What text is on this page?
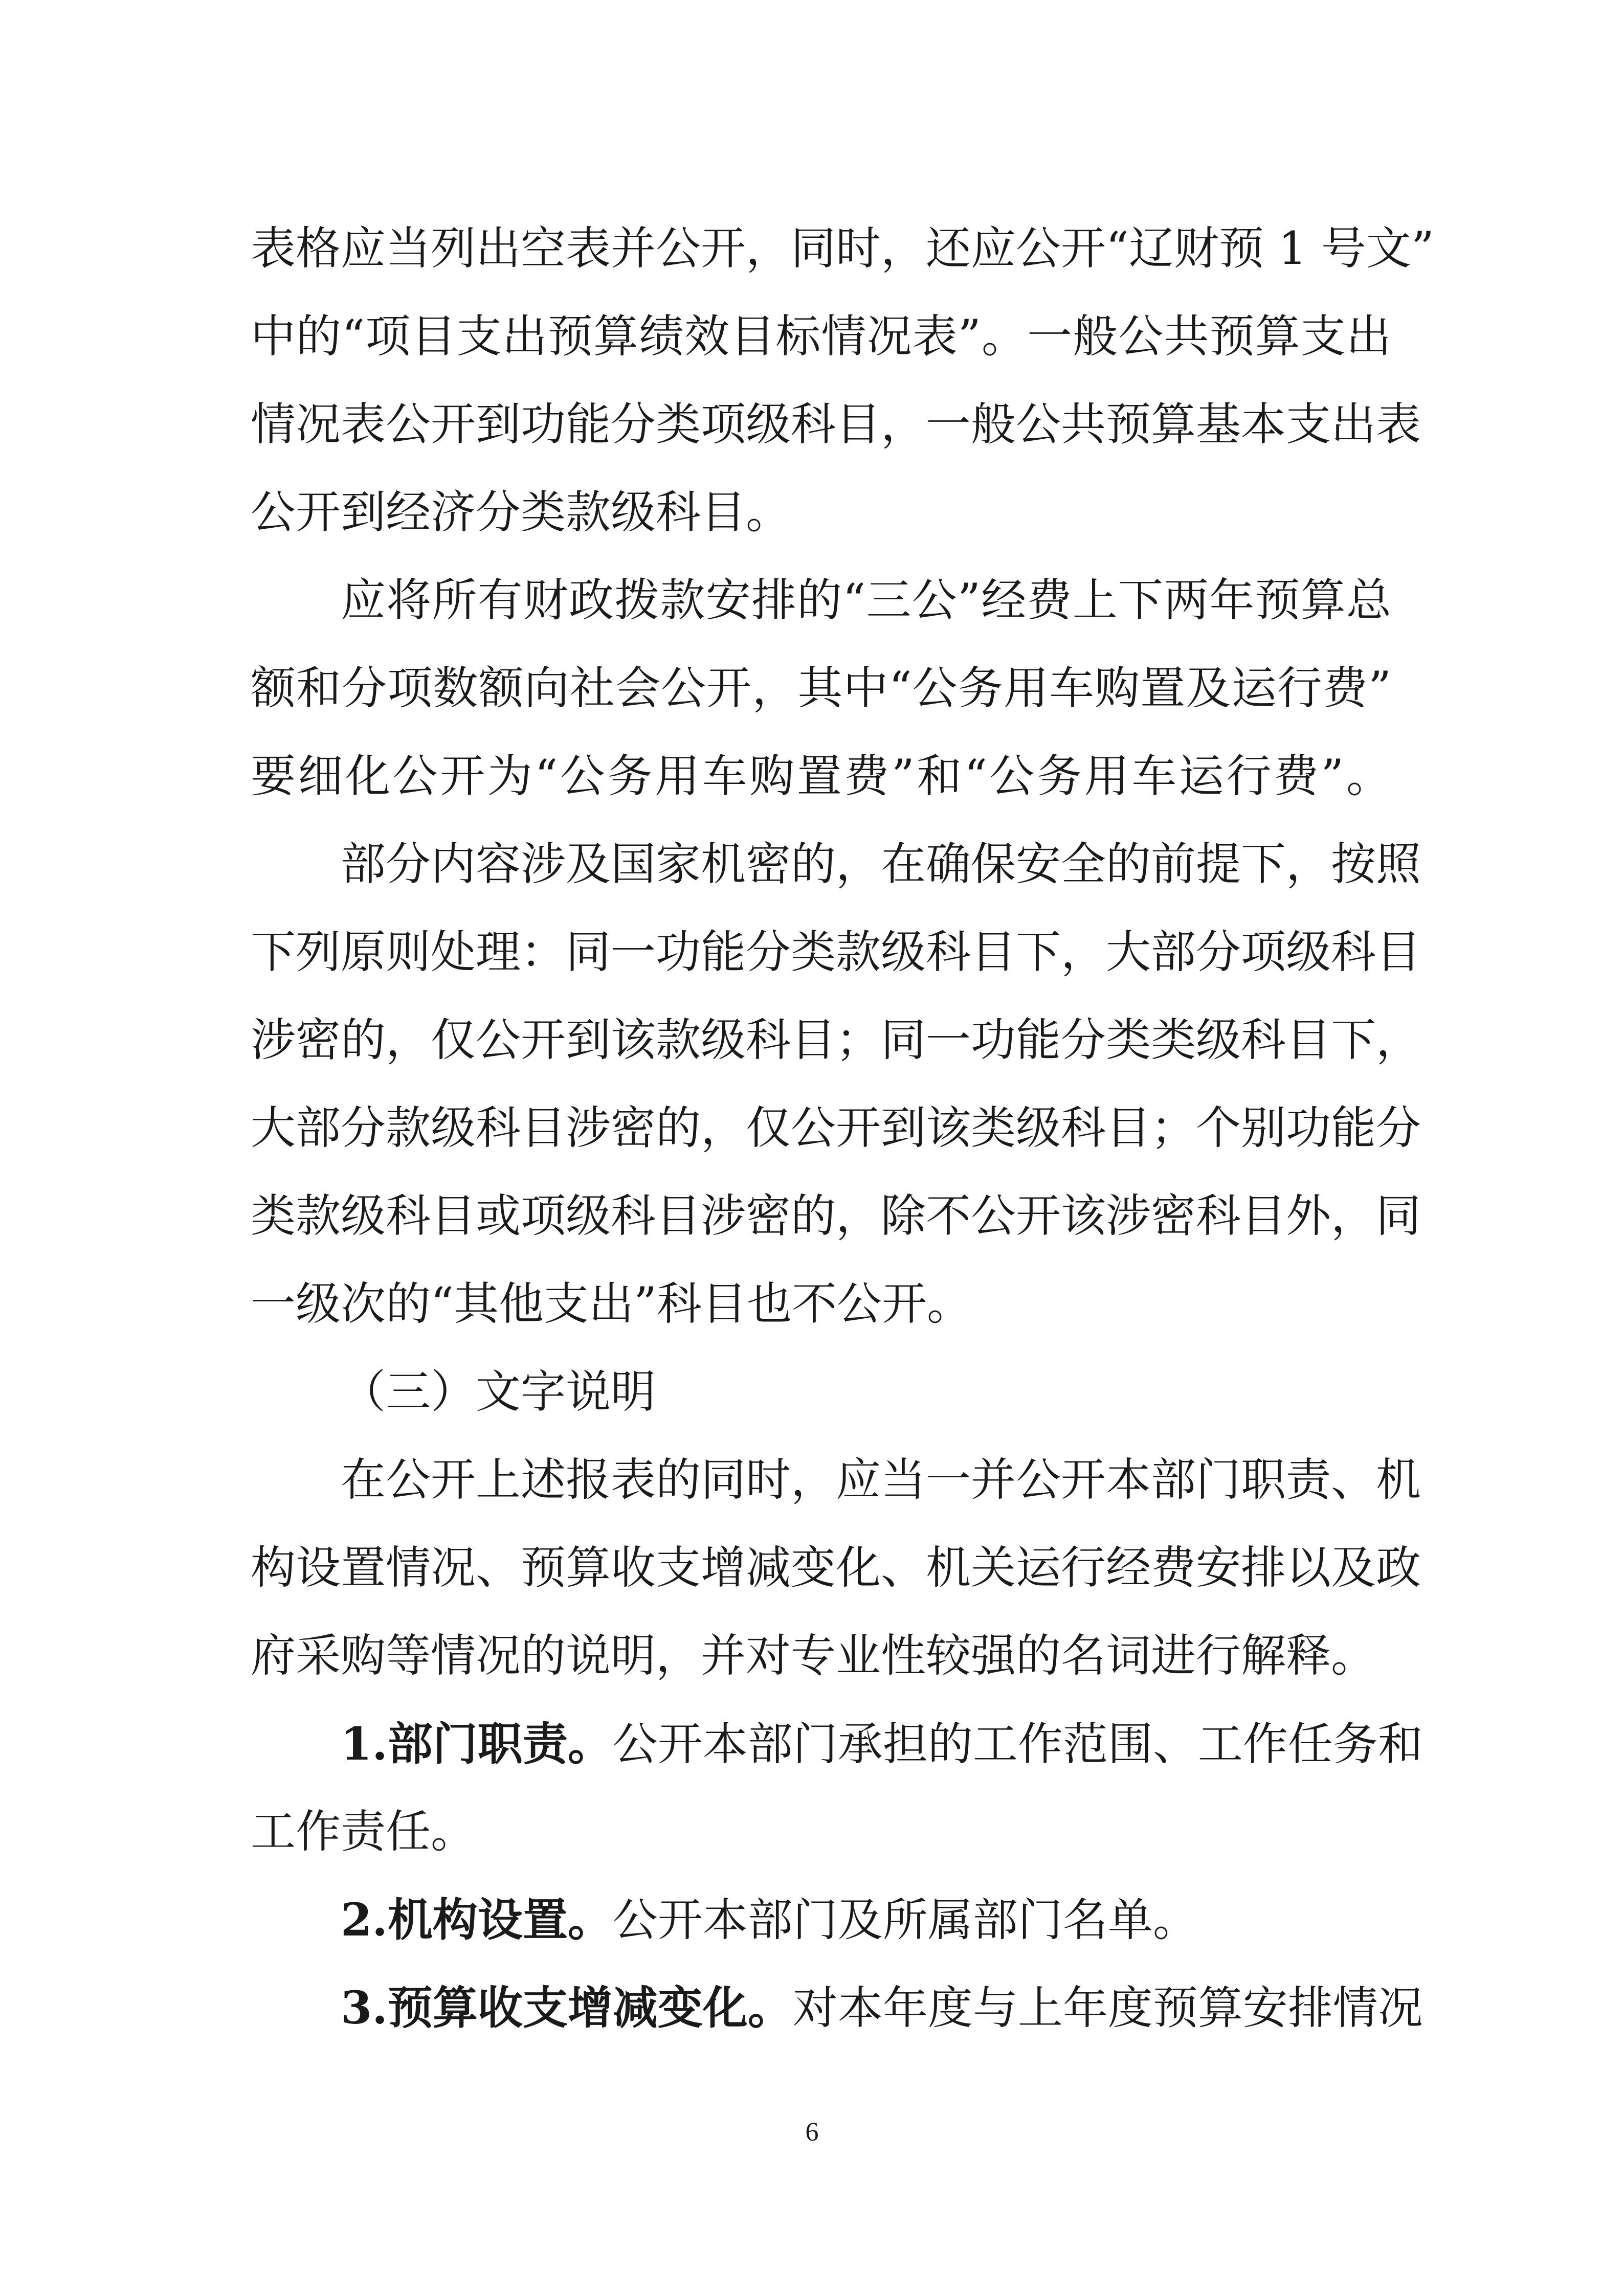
表格应当列出空表并公开，同时，还应公开“辽财预 1 号文”
中的“项目支出预算绩效目标情况表”。一般公共预算支出
情况表公开到功能分类项级科目，一般公共预算基本支出表
公开到经济分类款级科目。
应将所有财政拨款安排的“三公”经费上下两年预算总
额和分项数额向社会公开，其中“公务用车购置及运行费”
要细化公开为“公务用车购置费”和“公务用车运行费”。
部分内容涉及国家机密的，在确保安全的前提下，按照
下列原则处理：同一功能分类款级科目下，大部分项级科目
涉密的，仅公开到该款级科目；同一功能分类类级科目下，
大部分款级科目涉密的，仅公开到该类级科目；个别功能分
类款级科目或项级科目涉密的，除不公开该涉密科目外，同
一级次的“其他支出”科目也不公开。
（三）文字说明
在公开上述报表的同时，应当一并公开本部门职责、机
构设置情况、预算收支增减变化、机关运行经费安排以及政
府采购等情况的说明，并对专业性较强的名词进行解释。
1.部门职责。公开本部门承担的工作范围、工作任务和
工作责任。
2.机构设置。公开本部门及所属部门名单。
3.预算收支增减变化。对本年度与上年度预算安排情况
6
